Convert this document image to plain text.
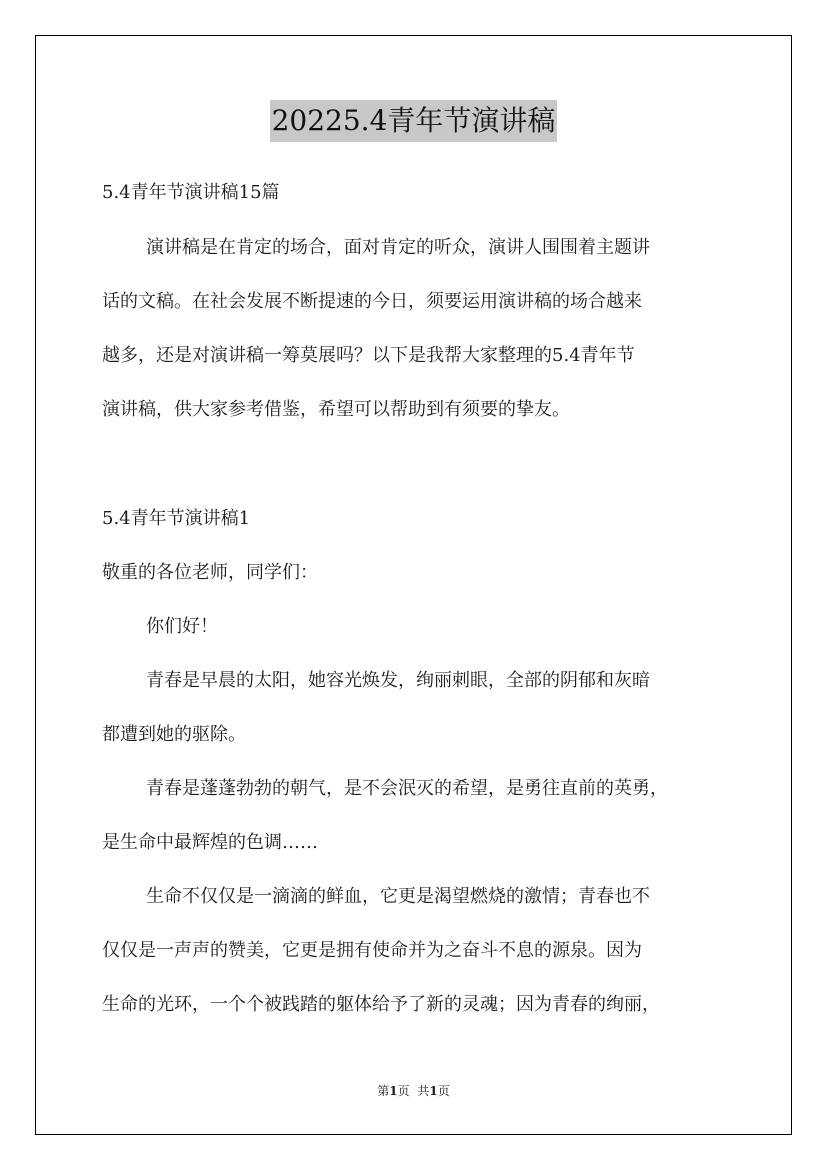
20225.4青年节演讲稿
5.4青年节演讲稿15篇
演讲稿是在肯定的场合，面对肯定的听众，演讲人围围着主题讲
话的文稿。在社会发展不断提速的今日，须要运用演讲稿的场合越来
越多，还是对演讲稿一筹莫展吗？以下是我帮大家整理的5.4青年节
演讲稿，供大家参考借鉴，希望可以帮助到有须要的挚友。
5.4青年节演讲稿1
敬重的各位老师，同学们：
你们好！
青春是早晨的太阳，她容光焕发，绚丽刺眼，全部的阴郁和灰暗
都遭到她的驱除。
青春是蓬蓬勃勃的朝气，是不会泯灭的希望，是勇往直前的英勇，
是生命中最辉煌的色调……
生命不仅仅是一滴滴的鲜血，它更是渴望燃烧的激情；青春也不
仅仅是一声声的赞美，它更是拥有使命并为之奋斗不息的源泉。因为
生命的光环，一个个被践踏的躯体给予了新的灵魂；因为青春的绚丽，
第1页 共1页
